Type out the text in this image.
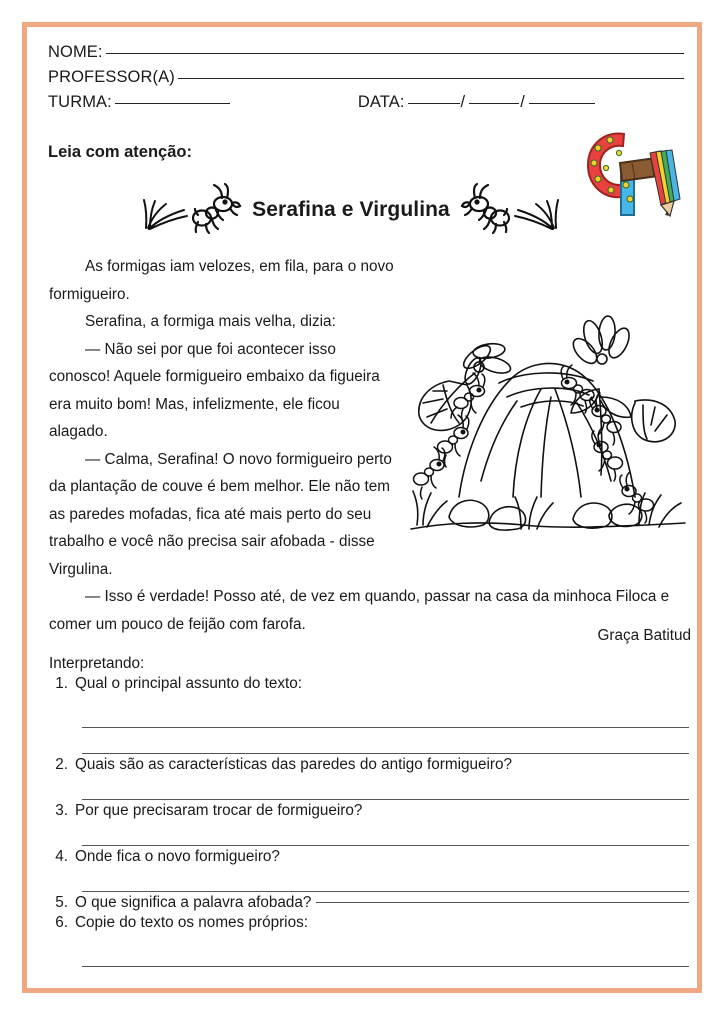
NOME:
PROFESSOR(A)
TURMA:	DATA:	/	/
Leia com atenção:
Serafina e Virgulina

As formigas iam velozes, em fila, para o novo formigueiro.

Serafina, a formiga mais velha, dizia:

— Não sei por que foi acontecer isso conosco! Aquele formigueiro embaixo da figueira era muito bom! Mas, infelizmente, ele ficou alagado.

— Calma, Serafina! O novo formigueiro perto da plantação de couve é bem melhor. Ele não tem as paredes mofadas, fica até mais perto do seu trabalho e você não precisa sair afobada - disse Virgulina.

— Isso é verdade! Posso até, de vez em quando, passar na casa da minhoca Filoca e comer um pouco de feijão com farofa.

Graça Batitud
Interpretando:
1. Qual o principal assunto do texto:
2. Quais são as características das paredes do antigo formigueiro?
3. Por que precisaram trocar de formigueiro?
4. Onde fica o novo formigueiro?
5. O que significa a palavra afobada?
6. Copie do texto os nomes próprios:
